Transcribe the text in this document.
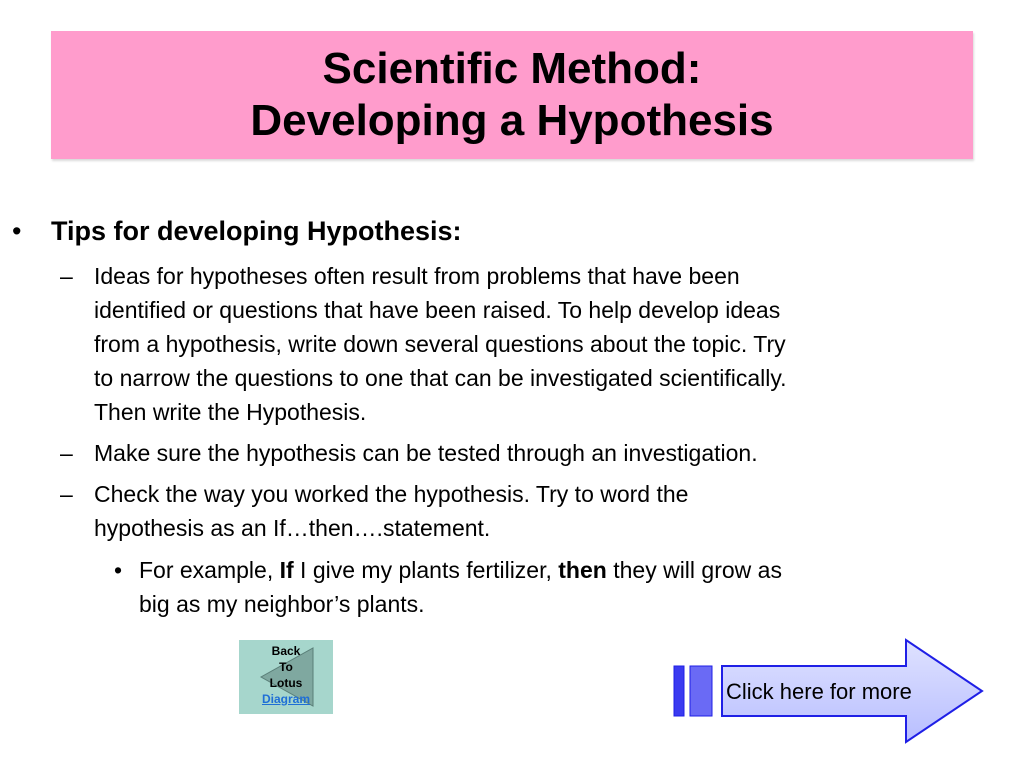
Scientific Method:
Developing a Hypothesis
• Tips for developing Hypothesis:
– Ideas for hypotheses often result from problems that have been
identified or questions that have been raised. To help develop ideas
from a hypothesis, write down several questions about the topic. Try
to narrow the questions to one that can be investigated scientifically.
Then write the Hypothesis.
– Make sure the hypothesis can be tested through an investigation.
– Check the way you worked the hypothesis. Try to word the
hypothesis as an If…then….statement.
• For example, If I give my plants fertilizer, then they will grow as
big as my neighbor’s plants.
Back
To
Lotus
Diagram	Click here for more
